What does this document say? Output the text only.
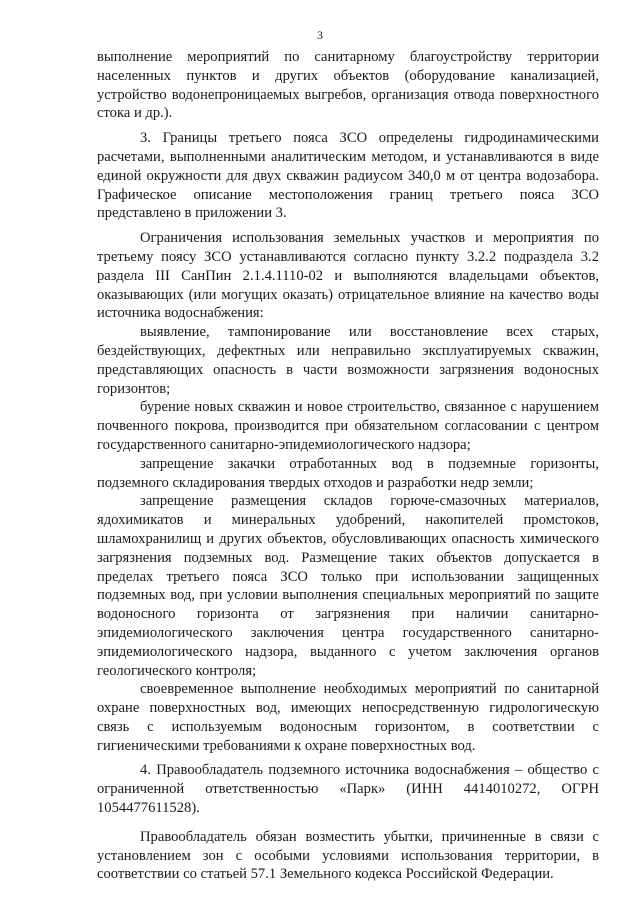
3

выполнение мероприятий по санитарному благоустройству территории населенных пунктов и других объектов (оборудование канализацией, устройство водонепроницаемых выгребов, организация отвода поверхностного стока и др.).

3. Границы третьего пояса ЗСО определены гидродинамическими расчетами, выполненными аналитическим методом, и устанавливаются в виде единой окружности для двух скважин радиусом 340,0 м от центра водозабора. Графическое описание местоположения границ третьего пояса ЗСО представлено в приложении 3.

Ограничения использования земельных участков и мероприятия по третьему поясу ЗСО устанавливаются согласно пункту 3.2.2 подраздела 3.2 раздела III СанПин 2.1.4.1110-02 и выполняются владельцами объектов, оказывающих (или могущих оказать) отрицательное влияние на качество воды источника водоснабжения:

выявление, тампонирование или восстановление всех старых, бездействующих, дефектных или неправильно эксплуатируемых скважин, представляющих опасность в части возможности загрязнения водоносных горизонтов;

бурение новых скважин и новое строительство, связанное с нарушением почвенного покрова, производится при обязательном согласовании с центром государственного санитарно-эпидемиологического надзора;

запрещение закачки отработанных вод в подземные горизонты, подземного складирования твердых отходов и разработки недр земли;

запрещение размещения складов горюче-смазочных материалов, ядохимикатов и минеральных удобрений, накопителей промстоков, шламохранилищ и других объектов, обусловливающих опасность химического загрязнения подземных вод. Размещение таких объектов допускается в пределах третьего пояса ЗСО только при использовании защищенных подземных вод, при условии выполнения специальных мероприятий по защите водоносного горизонта от загрязнения при наличии санитарно-эпидемиологического заключения центра государственного санитарно-эпидемиологического надзора, выданного с учетом заключения органов геологического контроля;

своевременное выполнение необходимых мероприятий по санитарной охране поверхностных вод, имеющих непосредственную гидрологическую связь с используемым водоносным горизонтом, в соответствии с гигиеническими требованиями к охране поверхностных вод.

4. Правообладатель подземного источника водоснабжения – общество с ограниченной ответственностью «Парк» (ИНН 4414010272, ОГРН 1054477611528).

Правообладатель обязан возместить убытки, причиненные в связи с установлением зон с особыми условиями использования территории, в соответствии со статьей 57.1 Земельного кодекса Российской Федерации.
